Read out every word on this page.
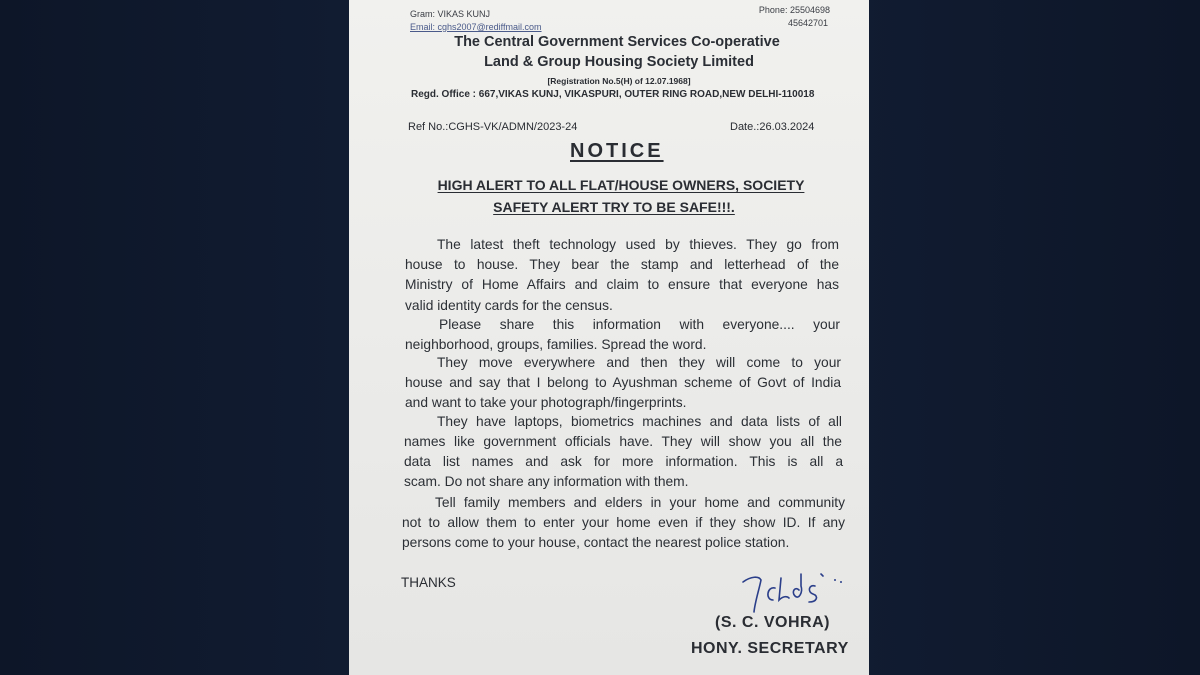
Gram: VIKAS KUNJ
Email: cghs2007@rediffmail.com
Phone: 25504698
45642701
The Central Government Services Co-operative
Land & Group Housing Society Limited
[Registration No.5(H) of 12.07.1968]
Regd. Office : 667,VIKAS KUNJ, VIKASPURI, OUTER RING ROAD,NEW DELHI-110018
Ref No.:CGHS-VK/ADMN/2023-24	Date.:26.03.2024
NOTICE
HIGH ALERT TO ALL FLAT/HOUSE OWNERS, SOCIETY
SAFETY ALERT TRY TO BE SAFE!!!.
The latest theft technology used by thieves. They go from
house to house. They bear the stamp and letterhead of the
Ministry of Home Affairs and claim to ensure that everyone has
valid identity cards for the census.
Please share this information with everyone.... your
neighborhood, groups, families. Spread the word.
They move everywhere and then they will come to your
house and say that I belong to Ayushman scheme of Govt of India
and want to take your photograph/fingerprints.
They have laptops, biometrics machines and data lists of all
names like government officials have. They will show you all the
data list names and ask for more information. This is all a
scam. Do not share any information with them.
Tell family members and elders in your home and community
not to allow them to enter your home even if they show ID. If any
persons come to your house, contact the nearest police station.
THANKS
(S. C. VOHRA)
HONY. SECRETARY
